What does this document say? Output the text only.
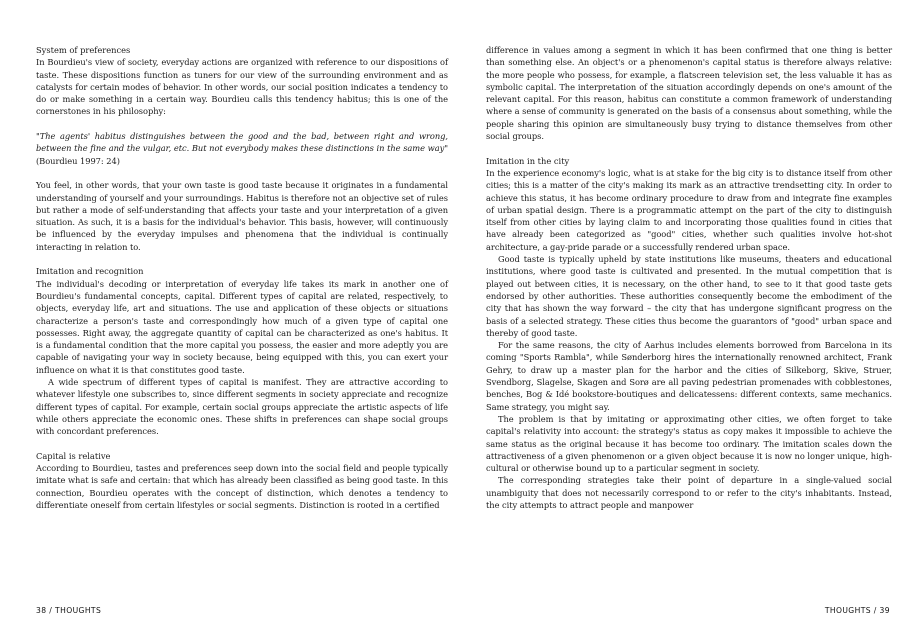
System of preferences

In Bourdieu's view of society, everyday actions are organized with reference to our dispositions of taste. These dispositions function as tuners for our view of the surrounding environment and as catalysts for certain modes of behavior. In other words, our social position indicates a tendency to do or make something in a certain way. Bourdieu calls this tendency habitus; this is one of the cornerstones in his philosophy:

"The agents' habitus distinguishes between the good and the bad, between right and wrong, between the fine and the vulgar, etc. But not everybody makes these distinctions in the same way" (Bourdieu 1997: 24)

You feel, in other words, that your own taste is good taste because it originates in a fundamental understanding of yourself and your surroundings. Habitus is therefore not an objective set of rules but rather a mode of self-understanding that affects your taste and your interpretation of a given situation. As such, it is a basis for the individual's behavior. This basis, however, will continuously be influenced by the everyday impulses and phenomena that the individual is continually interacting in relation to.

Imitation and recognition

The individual's decoding or interpretation of everyday life takes its mark in another one of Bourdieu's fundamental concepts, capital. Different types of capital are related, respectively, to objects, everyday life, art and situations. The use and application of these objects or situations characterize a person's taste and correspondingly how much of a given type of capital one possesses. Right away, the aggregate quantity of capital can be characterized as one's habitus. It is a fundamental condition that the more capital you possess, the easier and more adeptly you are capable of navigating your way in society because, being equipped with this, you can exert your influence on what it is that constitutes good taste.

A wide spectrum of different types of capital is manifest. They are attractive according to whatever lifestyle one subscribes to, since different segments in society appreciate and recognize different types of capital. For example, certain social groups appreciate the artistic aspects of life while others appreciate the economic ones. These shifts in preferences can shape social groups with concordant preferences.

Capital is relative

According to Bourdieu, tastes and preferences seep down into the social field and people typically imitate what is safe and certain: that which has already been classified as being good taste. In this connection, Bourdieu operates with the concept of distinction, which denotes a tendency to differentiate oneself from certain lifestyles or social segments. Distinction is rooted in a certified

difference in values among a segment in which it has been confirmed that one thing is better than something else. An object's or a phenomenon's capital status is therefore always relative: the more people who possess, for example, a flatscreen television set, the less valuable it has as symbolic capital. The interpretation of the situation accordingly depends on one's amount of the relevant capital. For this reason, habitus can constitute a common framework of understanding where a sense of community is generated on the basis of a consensus about something, while the people sharing this opinion are simultaneously busy trying to distance themselves from other social groups.

Imitation in the city

In the experience economy's logic, what is at stake for the big city is to distance itself from other cities; this is a matter of the city's making its mark as an attractive trendsetting city. In order to achieve this status, it has become ordinary procedure to draw from and integrate fine examples of urban spatial design. There is a programmatic attempt on the part of the city to distinguish itself from other cities by laying claim to and incorporating those qualities found in cities that have already been categorized as "good" cities, whether such qualities involve hot-shot architecture, a gay-pride parade or a successfully rendered urban space.

Good taste is typically upheld by state institutions like museums, theaters and educational institutions, where good taste is cultivated and presented. In the mutual competition that is played out between cities, it is necessary, on the other hand, to see to it that good taste gets endorsed by other authorities. These authorities consequently become the embodiment of the city that has shown the way forward – the city that has undergone significant progress on the basis of a selected strategy. These cities thus become the guarantors of "good" urban space and thereby of good taste.

For the same reasons, the city of Aarhus includes elements borrowed from Barcelona in its coming "Sports Rambla", while Sønderborg hires the internationally renowned architect, Frank Gehry, to draw up a master plan for the harbor and the cities of Silkeborg, Skive, Struer, Svendborg, Slagelse, Skagen and Sorø are all paving pedestrian promenades with cobblestones, benches, Bog & Idé bookstore-boutiques and delicatessens: different contexts, same mechanics. Same strategy, you might say.

The problem is that by imitating or approximating other cities, we often forget to take capital's relativity into account: the strategy's status as copy makes it impossible to achieve the same status as the original because it has become too ordinary. The imitation scales down the attractiveness of a given phenomenon or a given object because it is now no longer unique, high-cultural or otherwise bound up to a particular segment in society.

The corresponding strategies take their point of departure in a single-valued social unambiguity that does not necessarily correspond to or refer to the city's inhabitants. Instead, the city attempts to attract people and manpower

38 / THOUGHTS	THOUGHTS / 39
